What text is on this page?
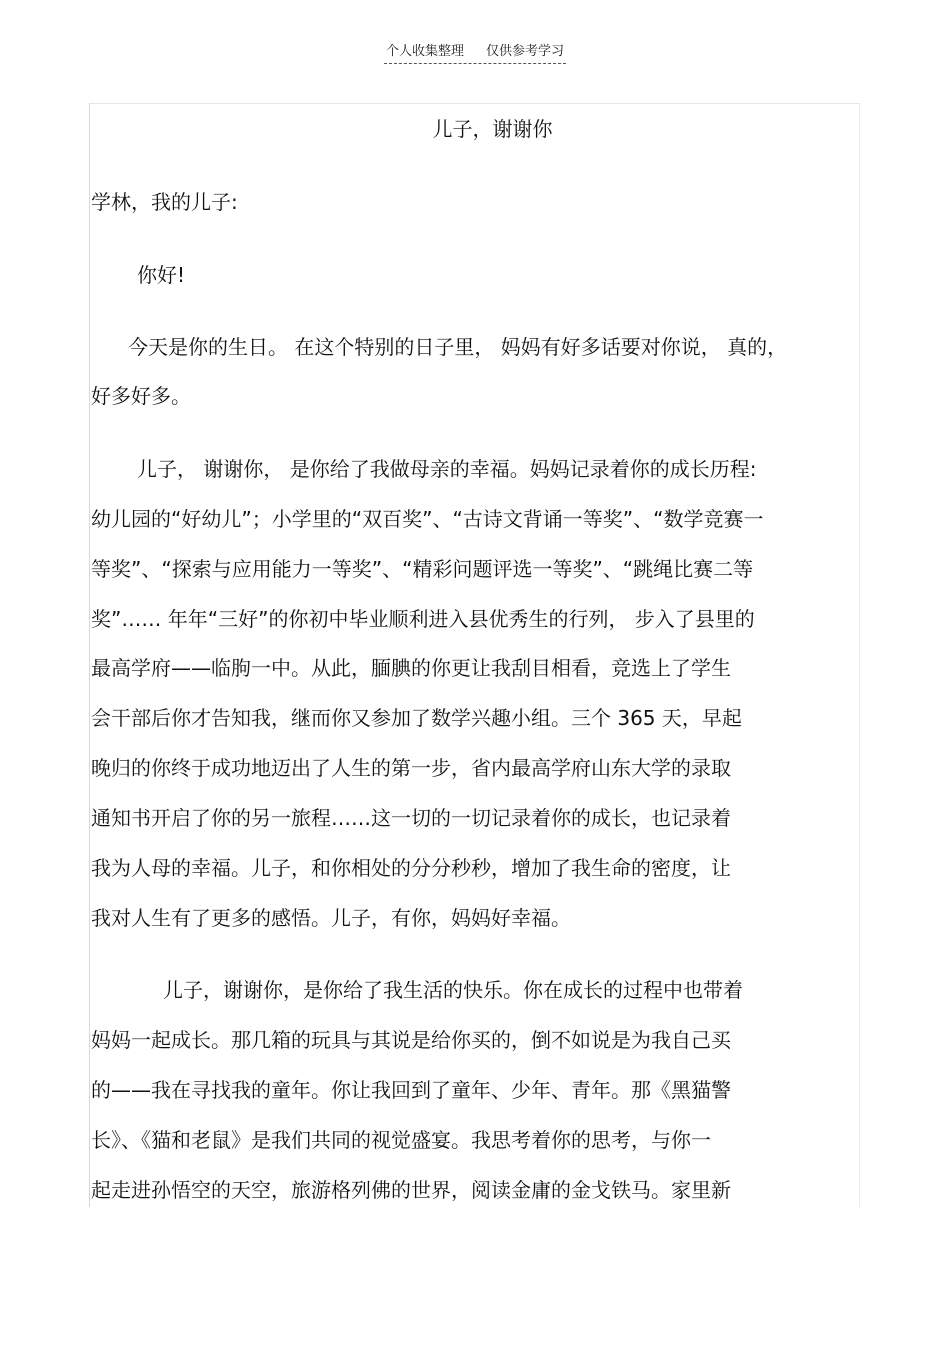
个人收集整理 仅供参考学习
儿子，谢谢你
学林，我的儿子:
你好!
今天是你的生日。 在这个特别的日子里， 妈妈有好多话要对你说， 真的，
好多好多。
儿子， 谢谢你， 是你给了我做母亲的幸福。妈妈记录着你的成长历程:
幼儿园的“好幼儿”；小学里的“双百奖”、“古诗文背诵一等奖”、“数学竞赛一
等奖”、“探索与应用能力一等奖”、“精彩问题评选一等奖”、“跳绳比赛二等
奖”…… 年年“三好”的你初中毕业顺利进入县优秀生的行列， 步入了县里的
最高学府——临朐一中。从此，腼腆的你更让我刮目相看，竞选上了学生
会干部后你才告知我，继而你又参加了数学兴趣小组。三个 365 天，早起
晚归的你终于成功地迈出了人生的第一步，省内最高学府山东大学的录取
通知书开启了你的另一旅程……这一切的一切记录着你的成长，也记录着
我为人母的幸福。儿子，和你相处的分分秒秒，增加了我生命的密度，让
我对人生有了更多的感悟。儿子，有你，妈妈好幸福。
儿子，谢谢你，是你给了我生活的快乐。你在成长的过程中也带着
妈妈一起成长。那几箱的玩具与其说是给你买的，倒不如说是为我自己买
的——我在寻找我的童年。你让我回到了童年、少年、青年。那《黑猫警
长》、《猫和老鼠》是我们共同的视觉盛宴。我思考着你的思考，与你一
起走进孙悟空的天空，旅游格列佛的世界，阅读金庸的金戈铁马。家里新
